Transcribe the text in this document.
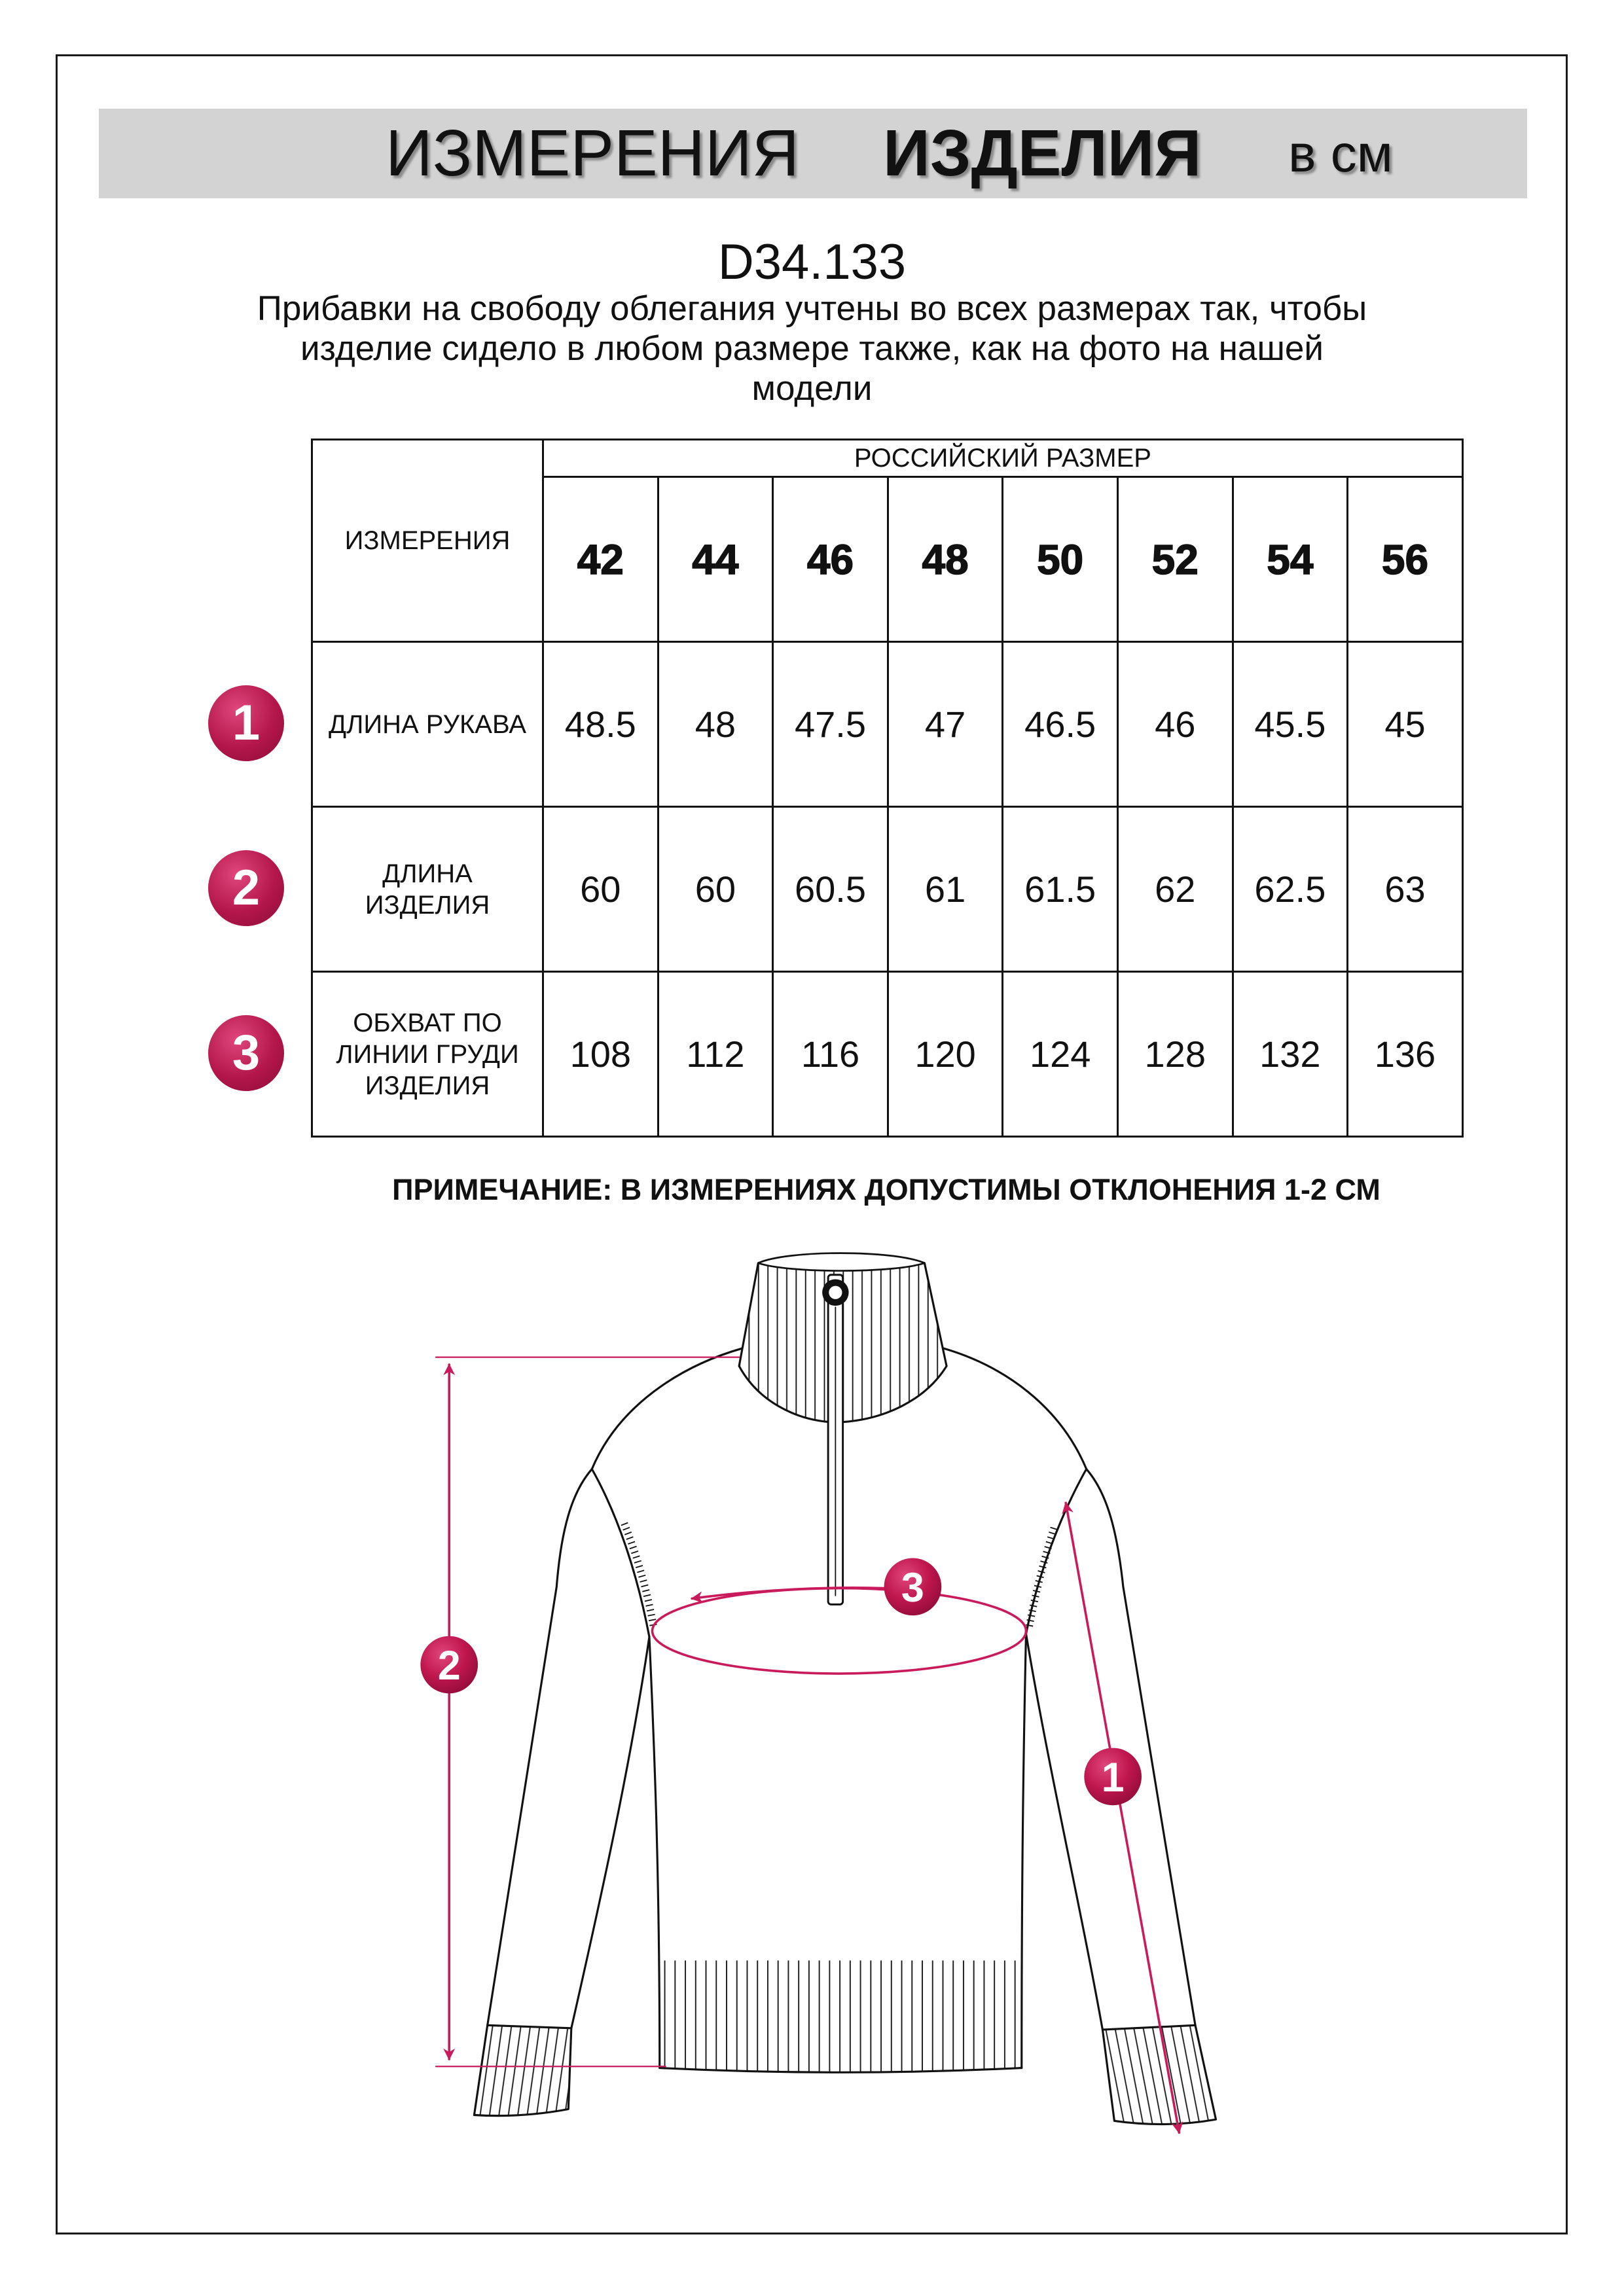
ИЗМЕРЕНИЯ ИЗДЕЛИЯ в см
D34.133
Прибавки на свободу облегания учтены во всех размерах так, чтобы
изделие сидело в любом размере также, как на фото на нашей
модели
ИЗМЕРЕНИЯ	РОССИЙСКИЙ РАЗМЕР							
	42	44	46	48	50	52	54	56
ДЛИНА РУКАВА	48.5	48	47.5	47	46.5	46	45.5	45
ДЛИНА
ИЗДЕЛИЯ	60	60	60.5	61	61.5	62	62.5	63
ОБХВАТ ПО
ЛИНИИ ГРУДИ
ИЗДЕЛИЯ	108	112	116	120	124	128	132	136
1
2
3
ПРИМЕЧАНИЕ: В ИЗМЕРЕНИЯХ ДОПУСТИМЫ ОТКЛОНЕНИЯ 1-2 СМ
2
1
3
